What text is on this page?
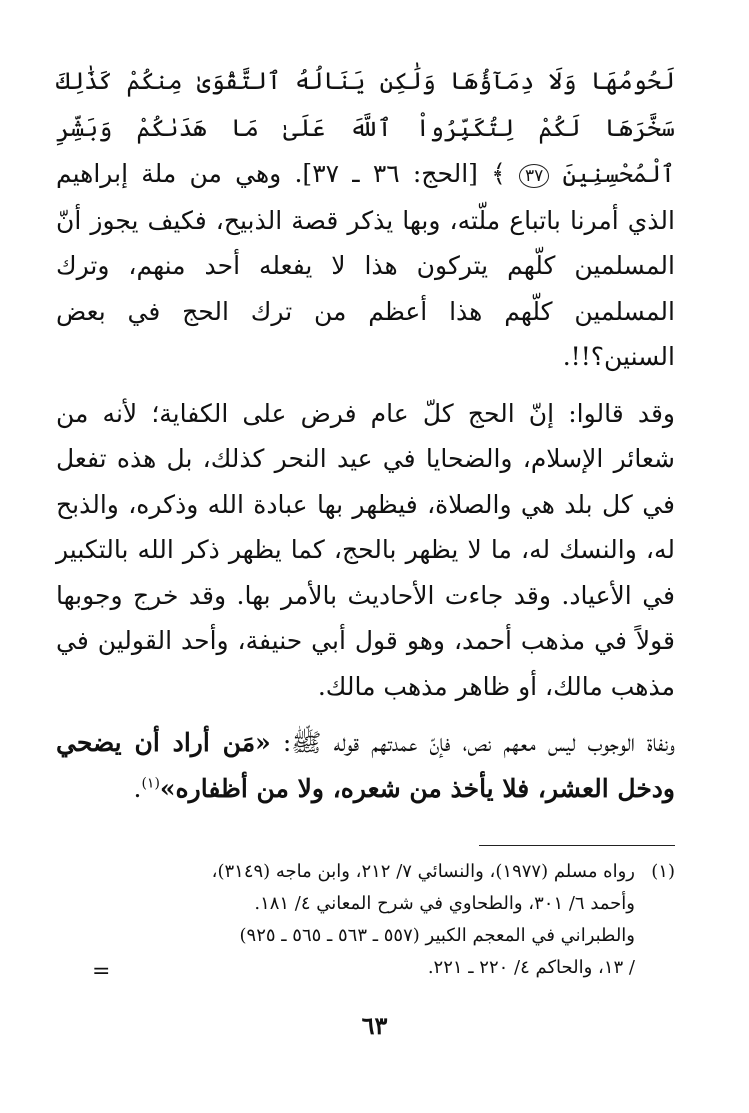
لَحُومُهَا وَلَا دِمَآؤُهَا وَلَٰكِن يَنَالُهُ ٱلتَّقْوَىٰ مِنكُمْ كَذَٰلِكَ سَخَّرَهَا لَكُمْ لِتُكَبِّرُواْ ٱللَّهَ عَلَىٰ مَا هَدَىٰكُمْ وَبَشِّرِ ٱلْمُحْسِنِينَ ٣٧ ﴾ [الحج: ٣٦ ـ ٣٧]. وهي من ملة إبراهيم الذي أمرنا باتباع ملّته، وبها يذكر قصة الذبيح، فكيف يجوز أنّ المسلمين كلّهم يتركون هذا لا يفعله أحد منهم، وترك المسلمين كلّهم هذا أعظم من ترك الحج في بعض السنين؟!!.

وقد قالوا: إنّ الحج كلّ عام فرض على الكفاية؛ لأنه من شعائر الإسلام، والضحايا في عيد النحر كذلك، بل هذه تفعل في كل بلد هي والصلاة، فيظهر بها عبادة الله وذكره، والذبح له، والنسك له، ما لا يظهر بالحج، كما يظهر ذكر الله بالتكبير في الأعياد. وقد جاءت الأحاديث بالأمر بها. وقد خرج وجوبها قولاً في مذهب أحمد، وهو قول أبي حنيفة، وأحد القولين في مذهب مالك، أو ظاهر مذهب مالك.

ونفاة الوجوب ليس معهم نص، فإنّ عمدتهم قوله ﷺ: «مَن أراد أن يضحي ودخل العشر، فلا يأخذ من شعره، ولا من أظفاره»$^{(١)}$.

(١)رواه مسلم (١٩٧٧)، والنسائي ٧/ ٢١٢، وابن ماجه (٣١٤٩)،

وأحمد ٦/ ٣٠١، والطحاوي في شرح المعاني ٤/ ١٨١.

والطبراني في المعجم الكبير (٥٥٧ ـ ٥٦٣ ـ ٥٦٥ ـ ٩٢٥)

/ ١٣، والحاكم ٤/ ٢٢٠ ـ ٢٢١.

=
٦٣
